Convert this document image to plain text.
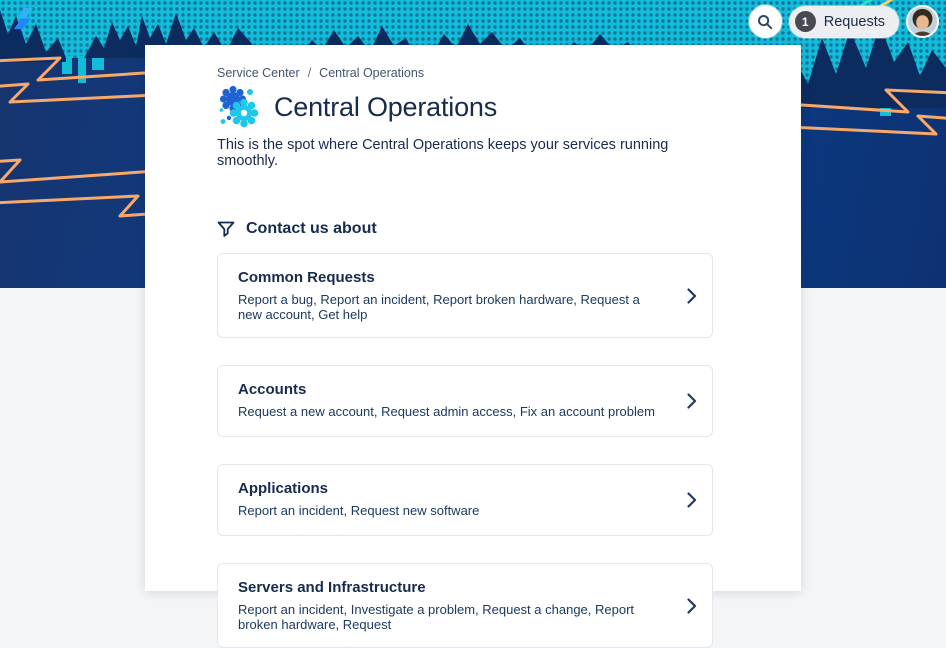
1	Requests
Service Center / Central Operations
Central Operations
This is the spot where Central Operations keeps your services running smoothly.
Contact us about
Common Requests
Report a bug, Report an incident, Report broken hardware, Request a new account, Get help
Accounts
Request a new account, Request admin access, Fix an account problem
Applications
Report an incident, Request new software
Servers and Infrastructure
Report an incident, Investigate a problem, Request a change, Report broken hardware, Request
